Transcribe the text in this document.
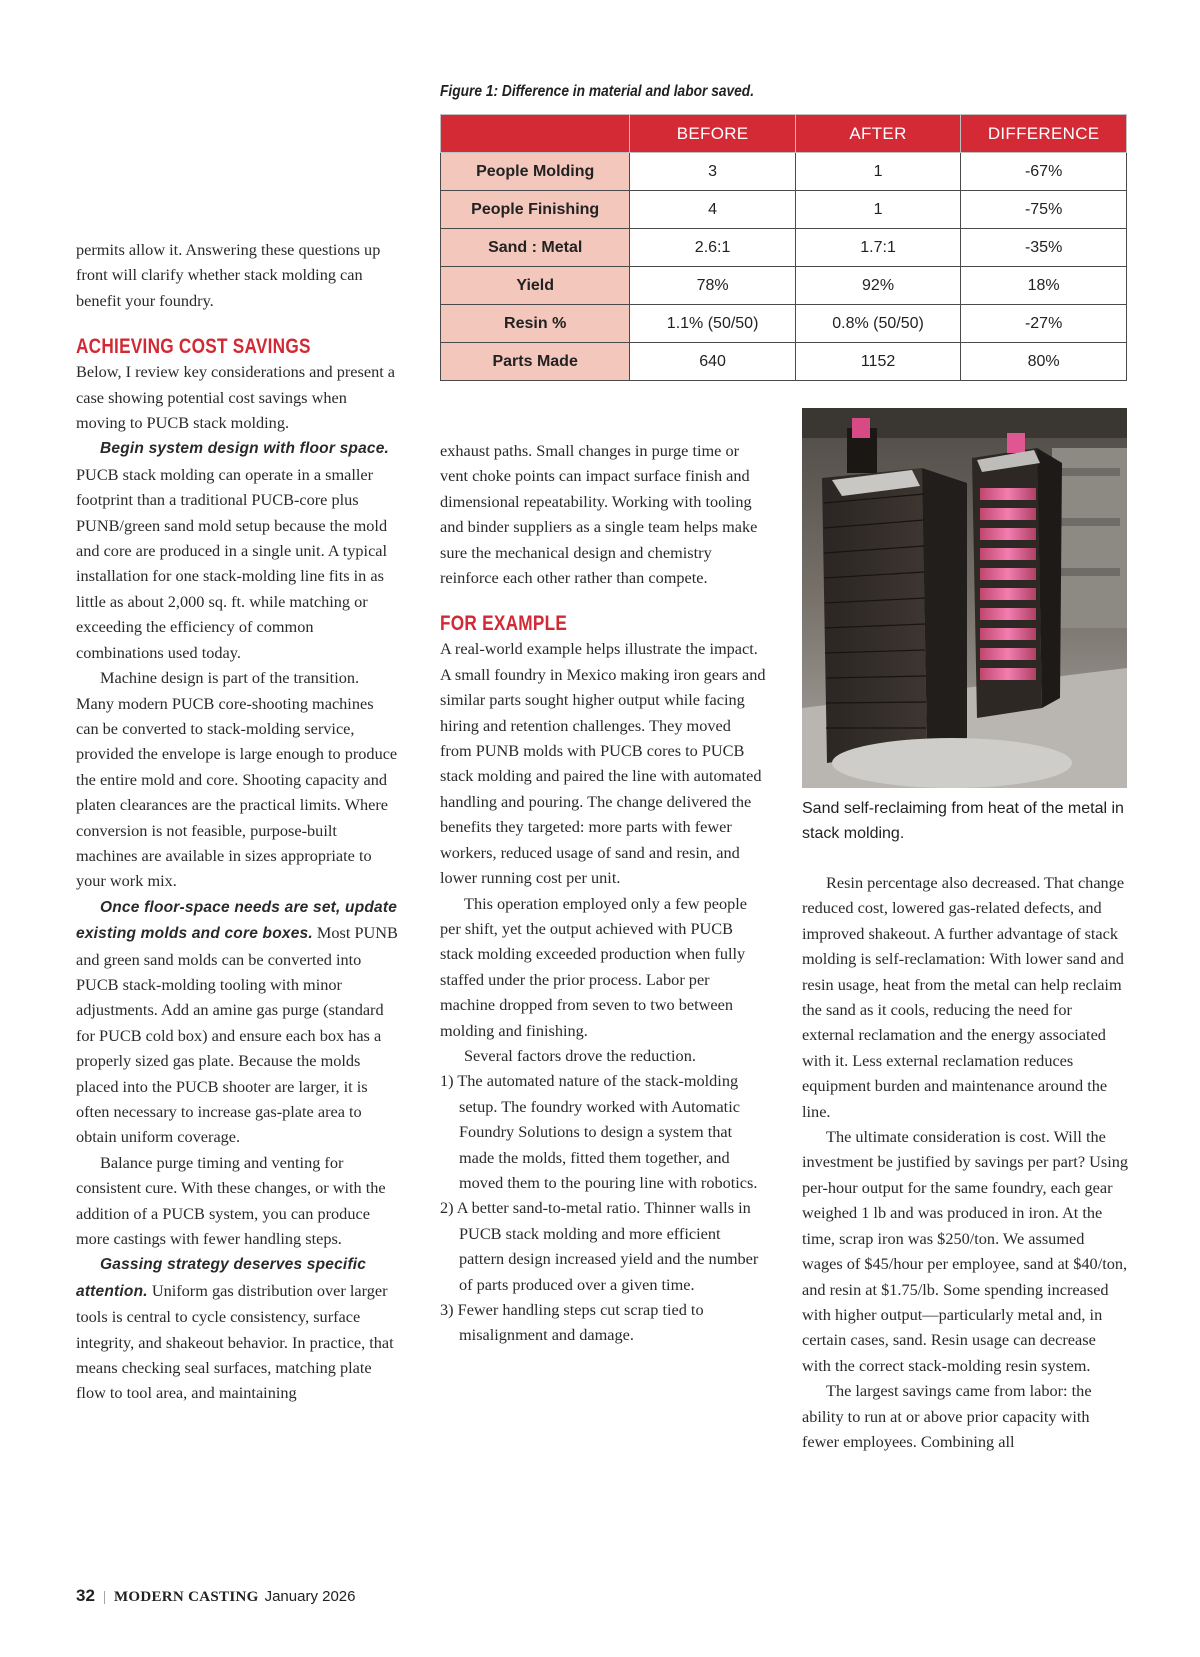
Figure 1: Difference in material and labor saved.
	BEFORE	AFTER	DIFFERENCE
People Molding	3	1	-67%
People Finishing	4	1	-75%
Sand : Metal	2.6:1	1.7:1	-35%
Yield	78%	92%	18%
Resin %	1.1% (50/50)	0.8% (50/50)	-27%
Parts Made	640	1152	80%
Sand self-reclaiming from heat of the metal in stack molding.

permits allow it. Answering these questions up front will clarify whether stack molding can benefit your foundry.

ACHIEVING COST SAVINGS

Below, I review key considerations and present a case showing potential cost savings when moving to PUCB stack molding.

Begin system design with floor space. PUCB stack molding can operate in a smaller footprint than a traditional PUCB-core plus PUNB/green sand mold setup because the mold and core are produced in a single unit. A typical installation for one stack-molding line fits in as little as about 2,000 sq. ft. while matching or exceeding the efficiency of common combinations used today.

Machine design is part of the transition. Many modern PUCB core-shooting machines can be converted to stack-molding service, provided the envelope is large enough to produce the entire mold and core. Shooting capacity and platen clearances are the practical limits. Where conversion is not feasible, purpose-built machines are available in sizes appropriate to your work mix.

Once floor-space needs are set, update existing molds and core boxes. Most PUNB and green sand molds can be converted into PUCB stack-molding tooling with minor adjustments. Add an amine gas purge (standard for PUCB cold box) and ensure each box has a properly sized gas plate. Because the molds placed into the PUCB shooter are larger, it is often necessary to increase gas-plate area to obtain uniform coverage.

Balance purge timing and venting for consistent cure. With these changes, or with the addition of a PUCB system, you can produce more castings with fewer handling steps.

Gassing strategy deserves specific attention. Uniform gas distribution over larger tools is central to cycle consistency, surface integrity, and shakeout behavior. In practice, that means checking seal surfaces, matching plate flow to tool area, and maintaining

exhaust paths. Small changes in purge time or vent choke points can impact surface finish and dimensional repeatability. Working with tooling and binder suppliers as a single team helps make sure the mechanical design and chemistry reinforce each other rather than compete.

FOR EXAMPLE

A real-world example helps illustrate the impact. A small foundry in Mexico making iron gears and similar parts sought higher output while facing hiring and retention challenges. They moved from PUNB molds with PUCB cores to PUCB stack molding and paired the line with automated handling and pouring. The change delivered the benefits they targeted: more parts with fewer workers, reduced usage of sand and resin, and lower running cost per unit.

This operation employed only a few people per shift, yet the output achieved with PUCB stack molding exceeded production when fully staffed under the prior process. Labor per machine dropped from seven to two between molding and finishing.

Several factors drove the reduction.

1) The automated nature of the stack-molding setup. The foundry worked with Automatic Foundry Solutions to design a system that made the molds, fitted them together, and moved them to the pouring line with robotics.

2) A better sand-to-metal ratio. Thinner walls in PUCB stack molding and more efficient pattern design increased yield and the number of parts produced over a given time.

3) Fewer handling steps cut scrap tied to misalignment and damage.

Resin percentage also decreased. That change reduced cost, lowered gas-related defects, and improved shakeout. A further advantage of stack molding is self-reclamation: With lower sand and resin usage, heat from the metal can help reclaim the sand as it cools, reducing the need for external reclamation and the energy associated with it. Less external reclamation reduces equipment burden and maintenance around the line.

The ultimate consideration is cost. Will the investment be justified by savings per part? Using per-hour output for the same foundry, each gear weighed 1 lb and was produced in iron. At the time, scrap iron was $250/ton. We assumed wages of $45/hour per employee, sand at $40/ton, and resin at $1.75/lb. Some spending increased with higher output—particularly metal and, in certain cases, sand. Resin usage can decrease with the correct stack-molding resin system.

The largest savings came from labor: the ability to run at or above prior capacity with fewer employees. Combining all

32 | MODERN CASTING January 2026
